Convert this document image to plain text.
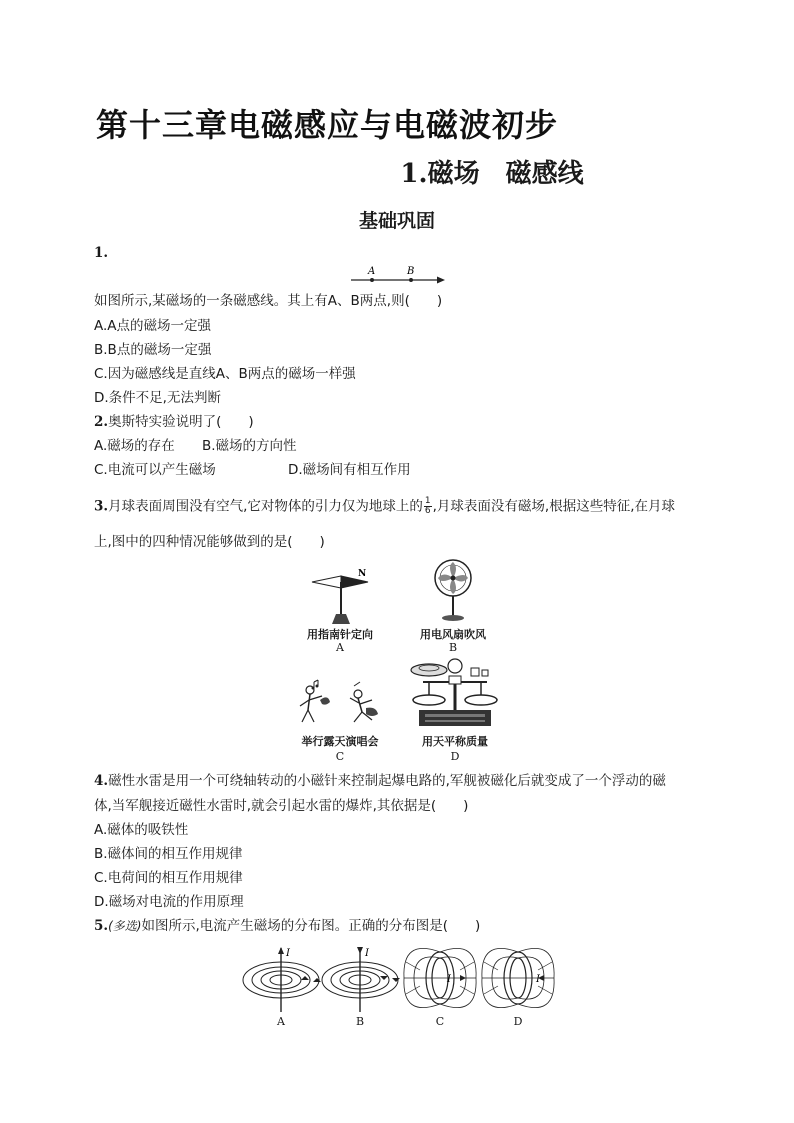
第十三章电磁感应与电磁波初步
1.磁场　磁感线
基础巩固
1.
A	B
如图所示,某磁场的一条磁感线。其上有A、B两点,则(　　)
A.A点的磁场一定强
B.B点的磁场一定强
C.因为磁感线是直线A、B两点的磁场一样强
D.条件不足,无法判断
2.奥斯特实验说明了(　　)
A.磁场的存在 B.磁场的方向性
C.电流可以产生磁场	D.磁场间有相互作用
3.月球表面周围没有空气,它对物体的引力仅为地球上的 $\frac{1}{6}$ ,月球表面没有磁场,根据这些特征,在月球
上,图中的四种情况能够做到的是(　　)
N
用指南针定向
A
用电风扇吹风
B
举行露天演唱会
C
用天平称质量
D
4.磁性水雷是用一个可绕轴转动的小磁针来控制起爆电路的,军舰被磁化后就变成了一个浮动的磁
体,当军舰接近磁性水雷时,就会引起水雷的爆炸,其依据是(　　)
A.磁体的吸铁性
B.磁体间的相互作用规律
C.电荷间的相互作用规律
D.磁场对电流的作用原理
5.(多选)如图所示,电流产生磁场的分布图。正确的分布图是(　　)
I
A
I
B
I
C
I
D
